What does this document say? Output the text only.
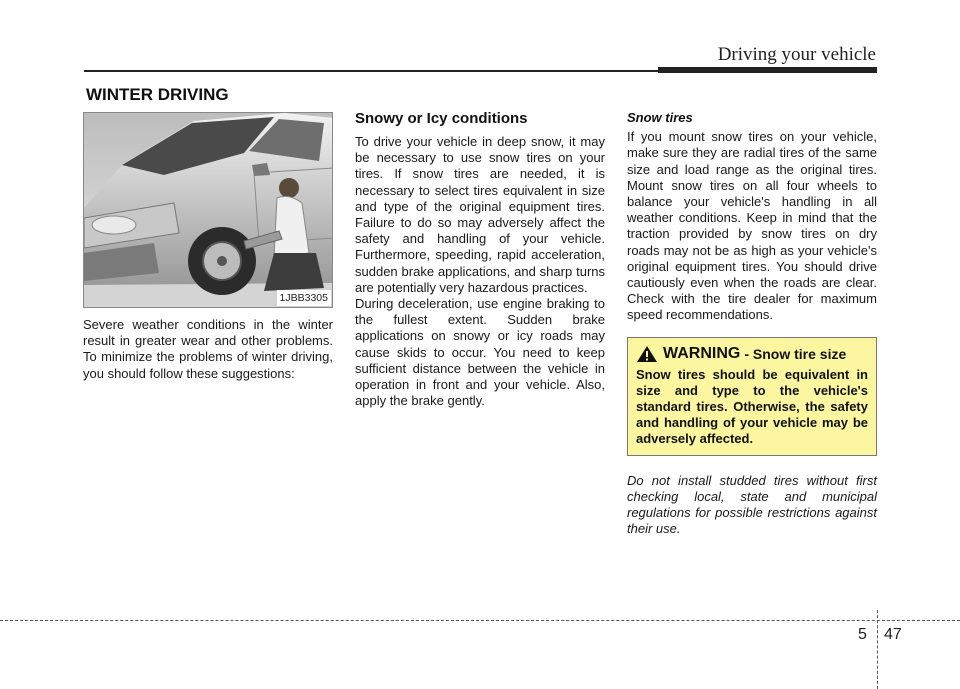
Driving your vehicle
WINTER DRIVING
1JBB3305

Severe weather conditions in the winter result in greater wear and other problems. To minimize the problems of winter driving, you should follow these suggestions:

Snowy or Icy conditions

To drive your vehicle in deep snow, it may be necessary to use snow tires on your tires. If snow tires are needed, it is necessary to select tires equivalent in size and type of the original equipment tires. Failure to do so may adversely affect the safety and handling of your vehicle. Furthermore, speeding, rapid acceleration, sudden brake applications, and sharp turns are potentially very hazardous practices.

During deceleration, use engine braking to the fullest extent. Sudden brake applications on snowy or icy roads may cause skids to occur. You need to keep sufficient distance between the vehicle in operation in front and your vehicle. Also, apply the brake gently.

Snow tires

If you mount snow tires on your vehicle, make sure they are radial tires of the same size and load range as the original tires. Mount snow tires on all four wheels to balance your vehicle's handling in all weather conditions. Keep in mind that the traction provided by snow tires on dry roads may not be as high as your vehicle's original equipment tires. You should drive cautiously even when the roads are clear. Check with the tire dealer for maximum speed recommendations.

WARNING - Snow tire size
Snow tires should be equivalent in size and type to the vehicle's standard tires. Otherwise, the safety and handling of your vehicle may be adversely affected.

Do not install studded tires without first checking local, state and municipal regulations for possible restrictions against their use.

5 47
